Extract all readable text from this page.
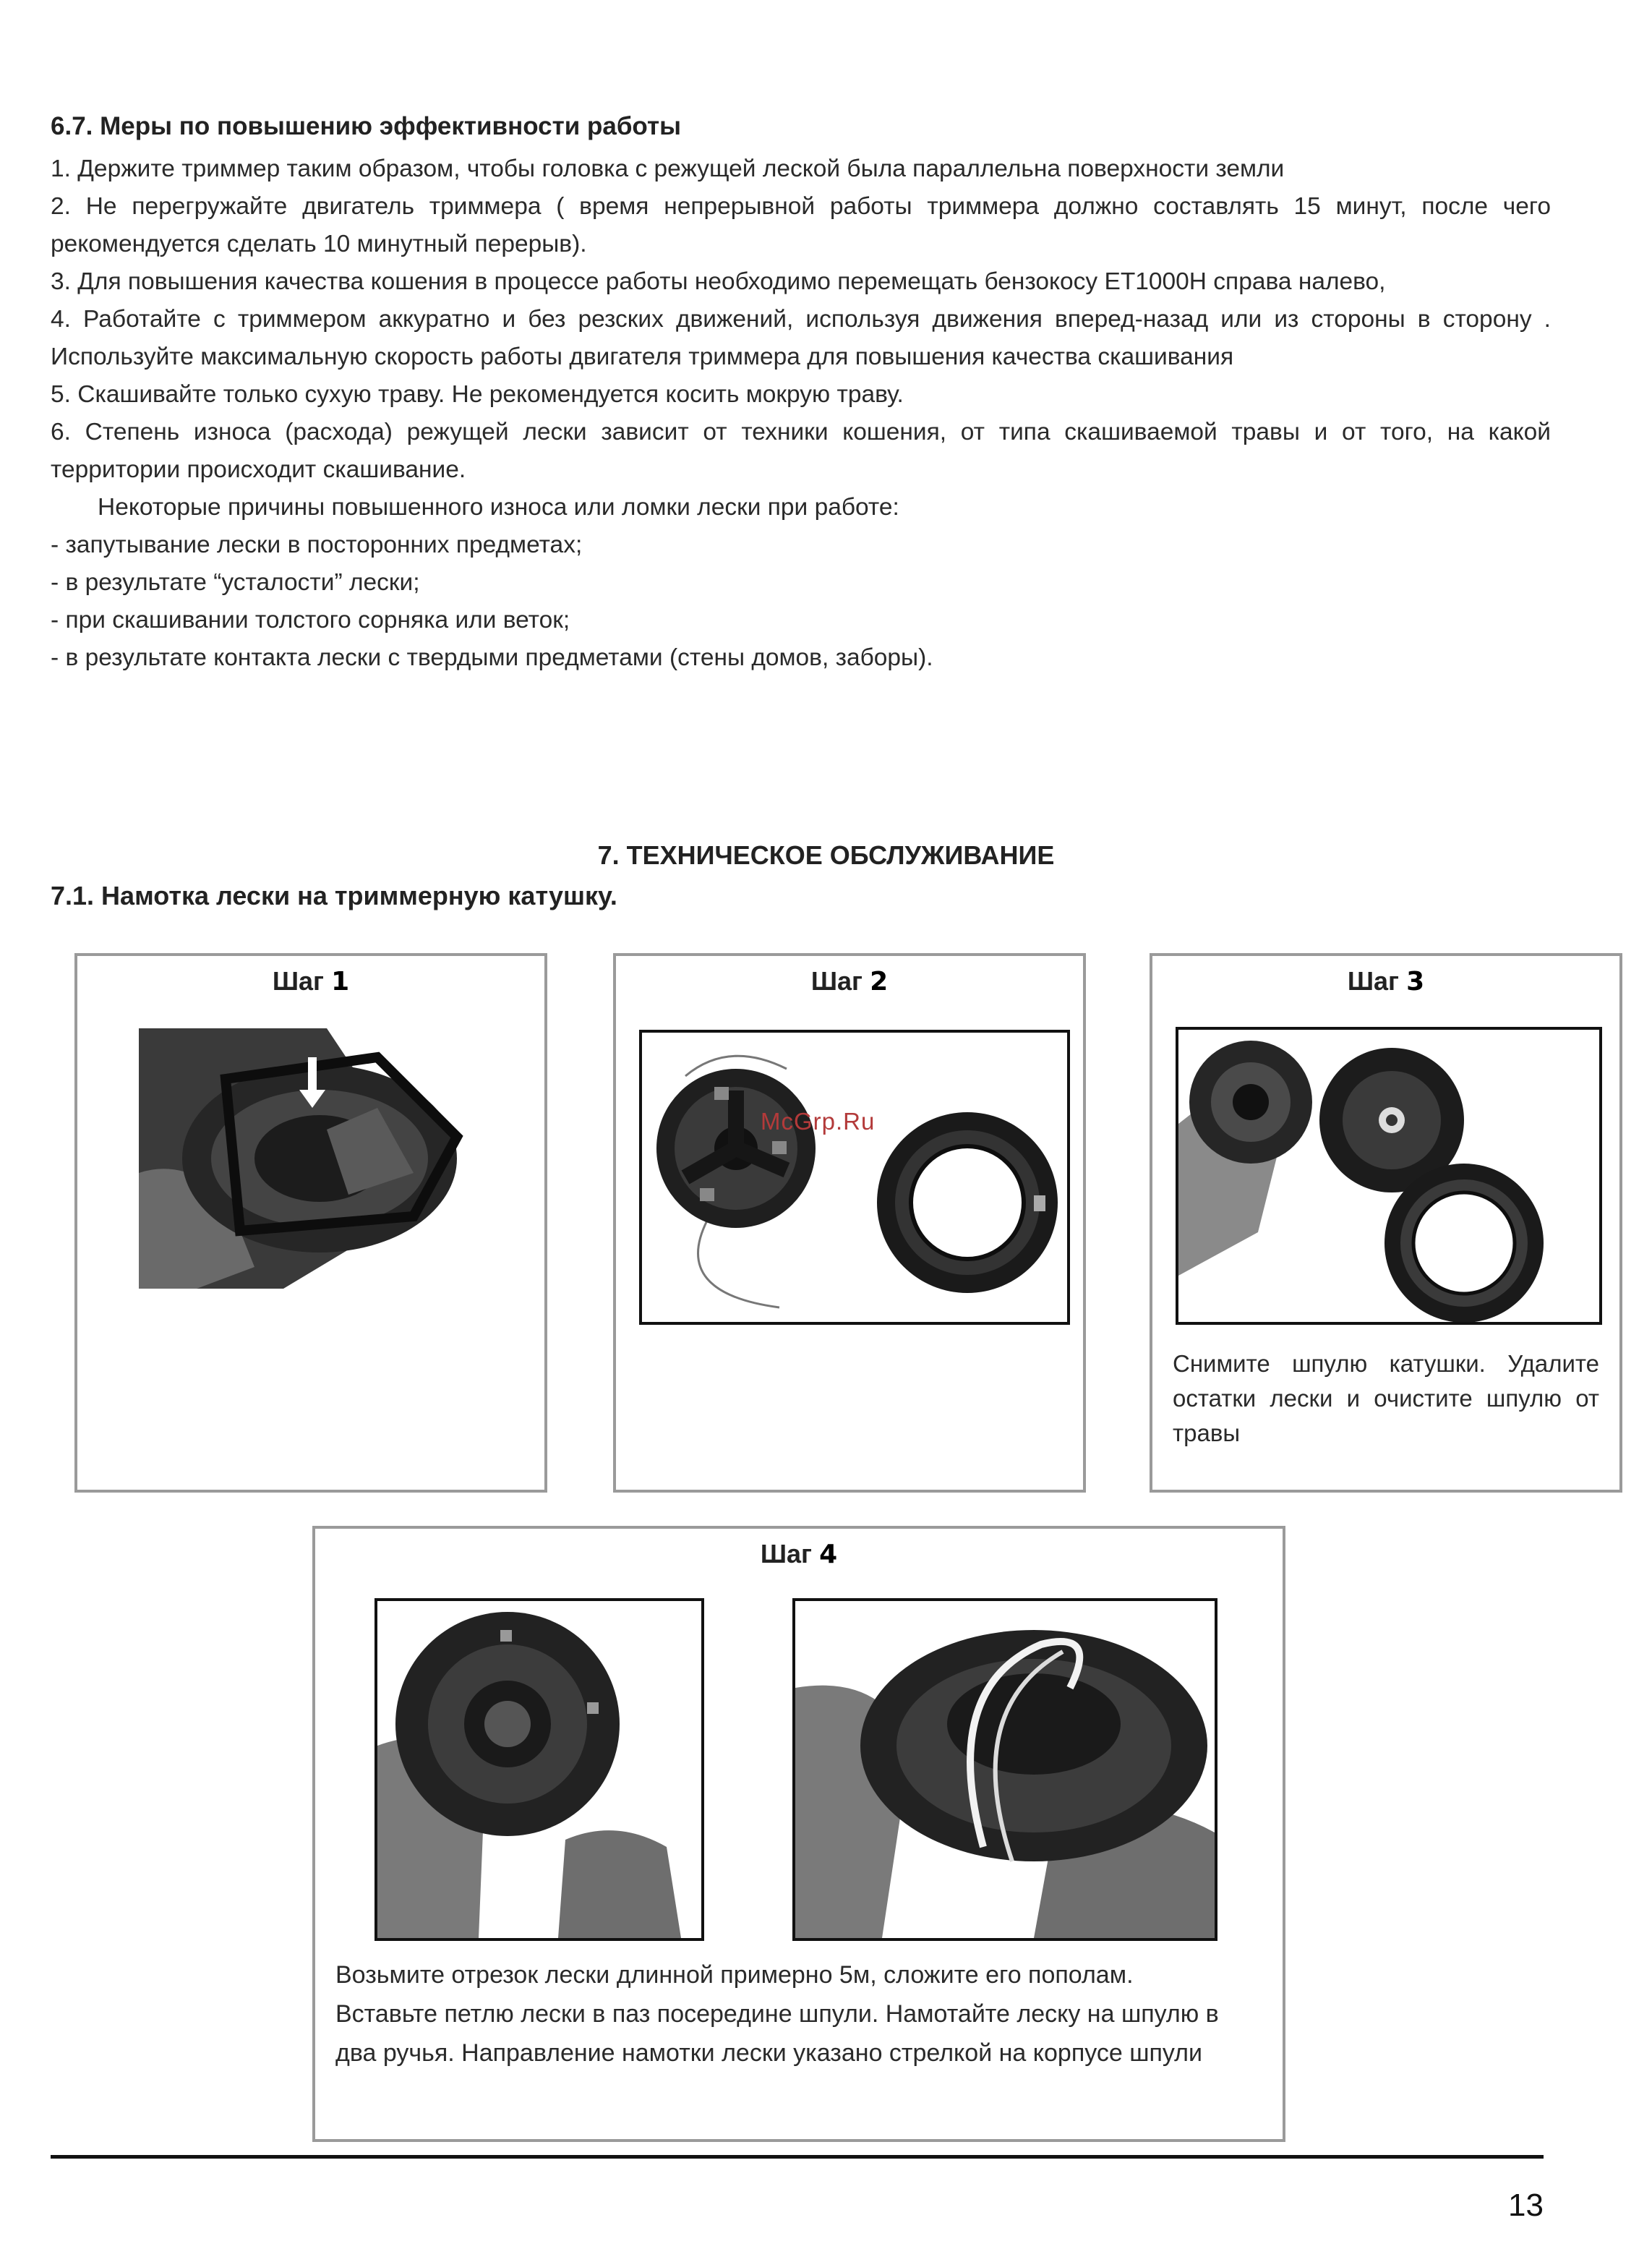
6.7. Меры по повышению эффективности работы

1. Держите триммер таким образом, чтобы головка с режущей леской была параллельна поверхности земли

2. Не перегружайте двигатель триммера ( время непрерывной работы триммера должно составлять 15 минут, после чего рекомендуется сделать 10 минутный перерыв).

3. Для повышения качества кошения в процессе работы необходимо перемещать бензокосу ET1000H справа налево,

4. Работайте с триммером аккуратно и без резских движений, используя движения вперед-назад или из стороны в сторону . Используйте максимальную скорость работы двигателя триммера для повышения качества скашивания

5. Скашивайте только сухую траву. Не рекомендуется косить мокрую траву.

6. Степень износа (расхода) режущей лески зависит от техники кошения, от типа скашиваемой травы и от того, на какой территории происходит скашивание.

Некоторые причины повышенного износа или ломки лески при работе:

- запутывание лески в посторонних предметах;

- в результате “усталости” лески;

- при скашивании толстого сорняка или веток;

- в результате контакта лески с твердыми предметами (стены домов, заборы).

7. ТЕХНИЧЕСКОЕ ОБСЛУЖИВАНИЕ
7.1. Намотка лески на триммерную катушку.
Шаг 1	Шаг 2
McGrp.Ru
Шаг 3
Снимите шпулю катушки. Удалите остатки лески и очистите шпулю от травы
Шаг 4
Возьмите отрезок лески длинной примерно 5м, сложите его пополам. Вставьте петлю лески в паз посередине шпули. Намотайте леску на шпулю в два ручья. Направление намотки лески указано стрелкой на корпусе шпули
13
